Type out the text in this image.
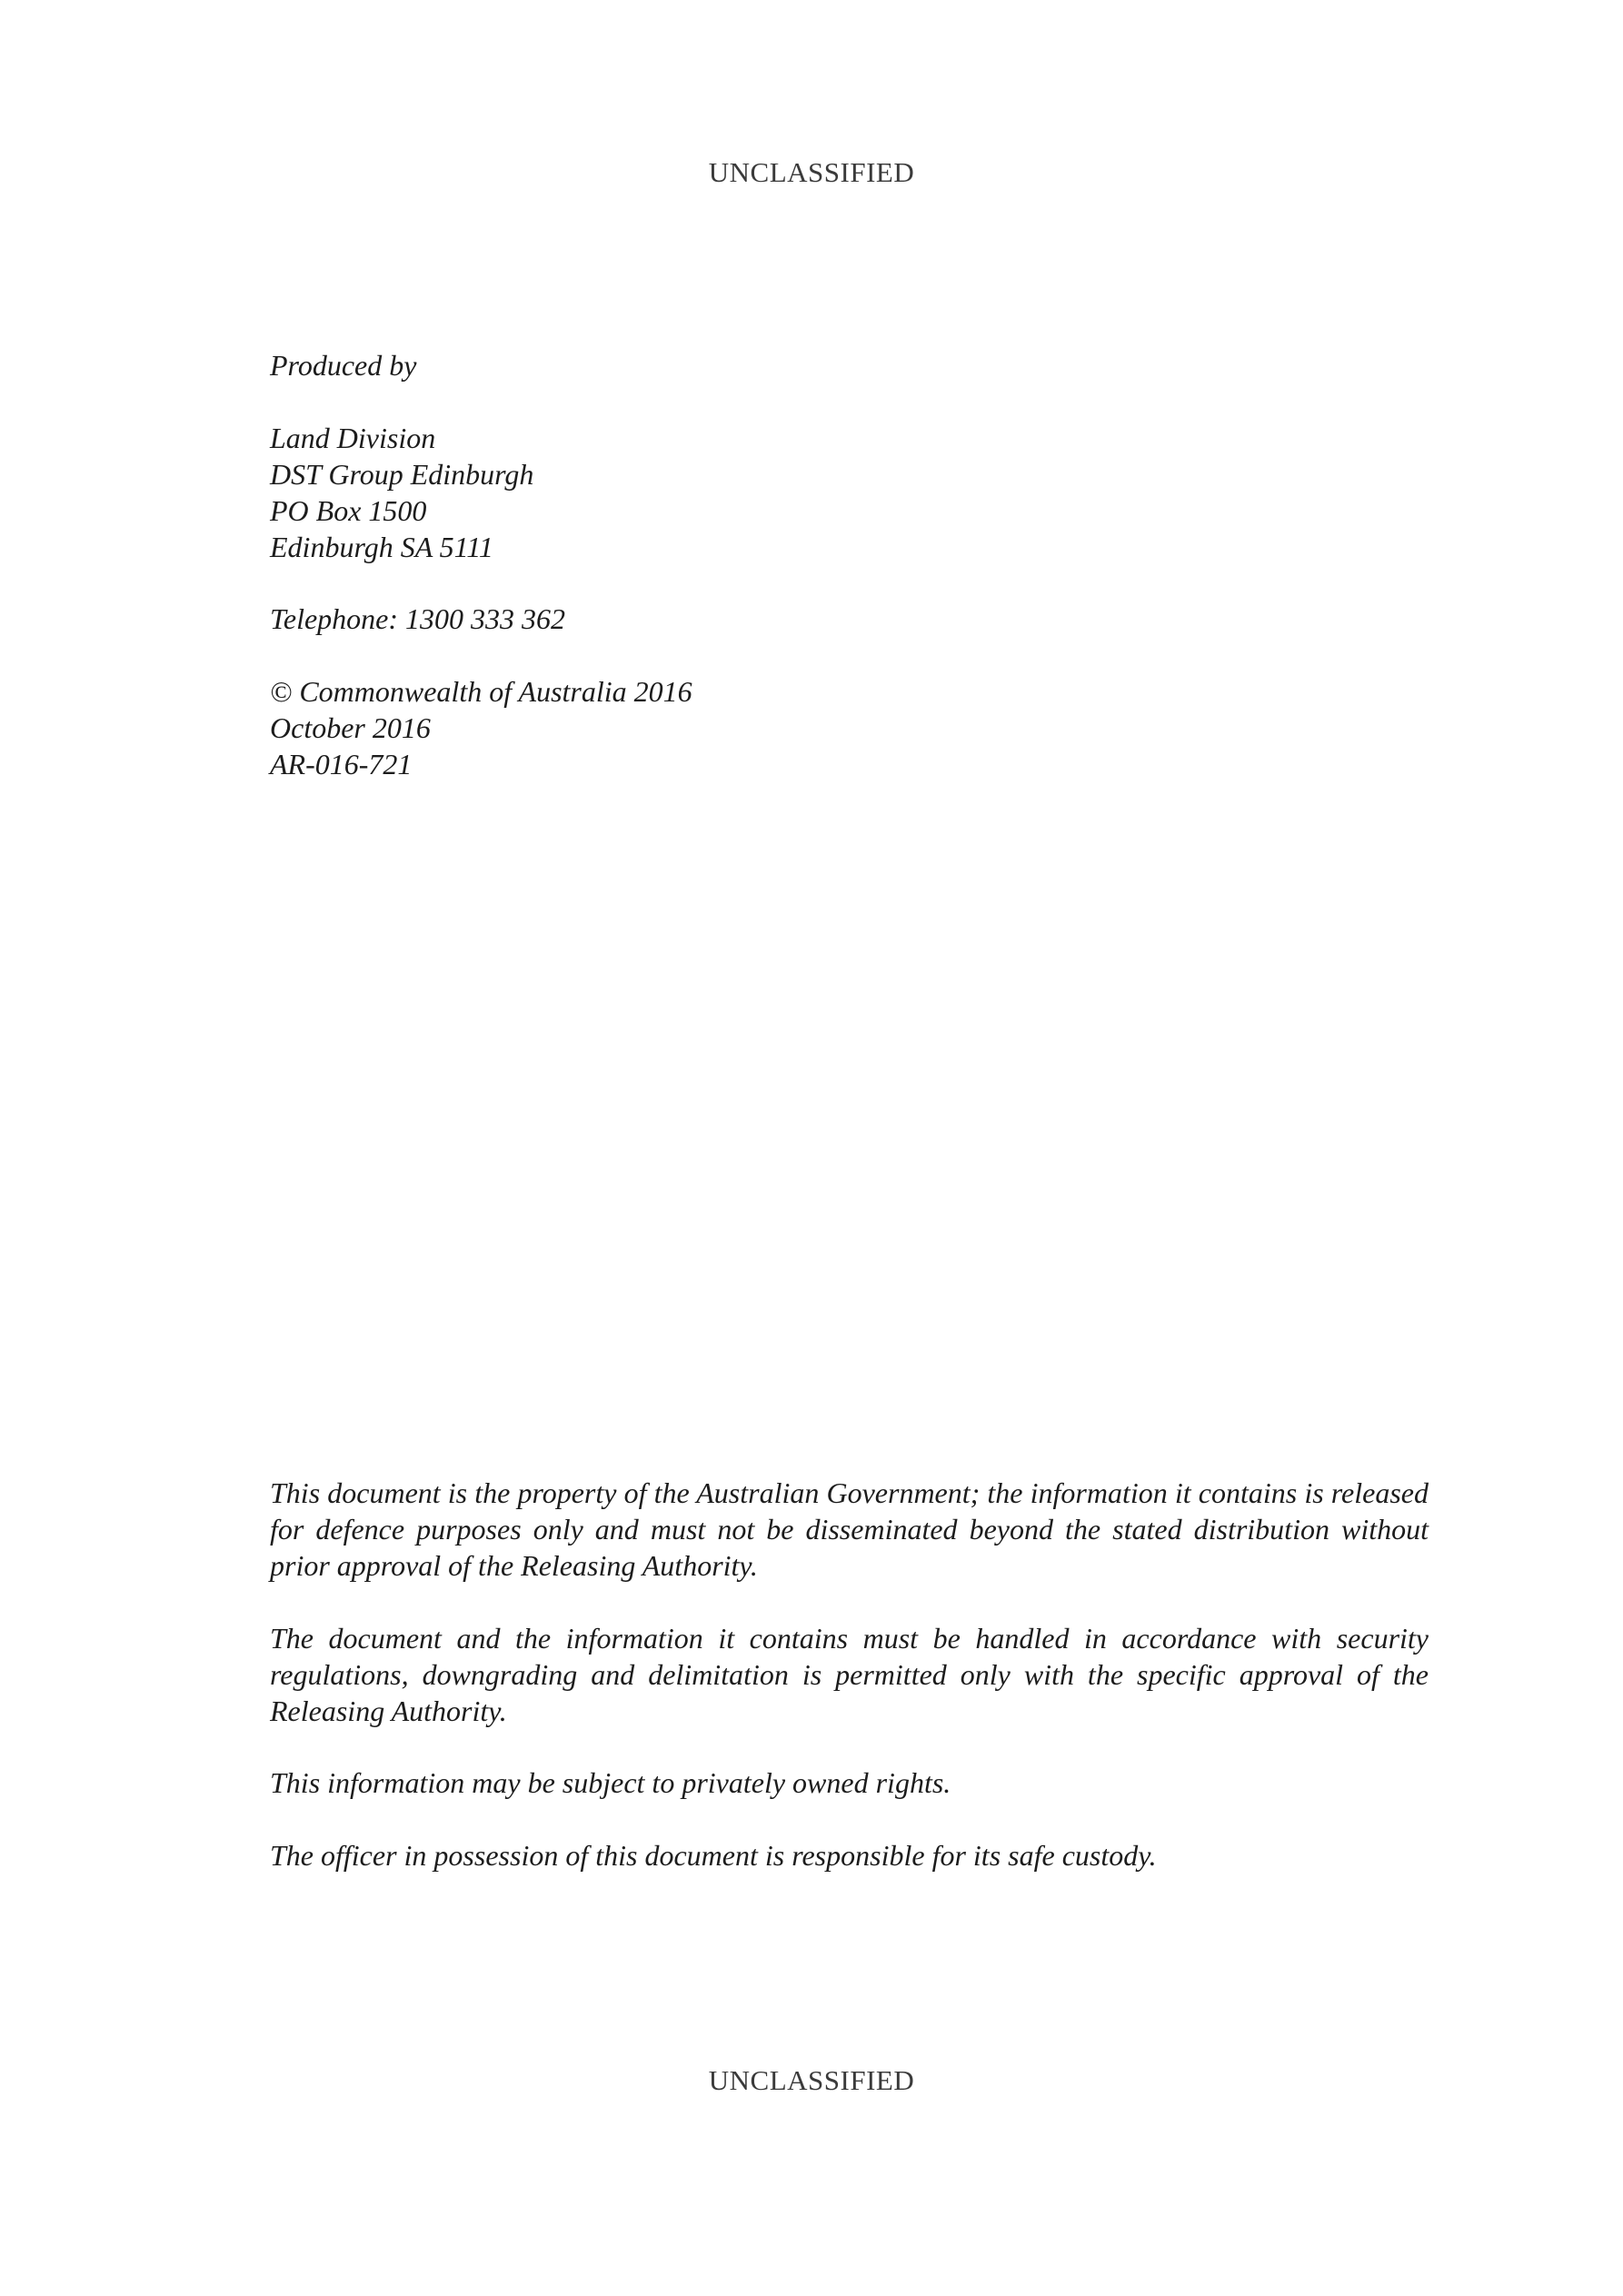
UNCLASSIFIED
Produced by
Land Division
DST Group Edinburgh
PO Box 1500
Edinburgh SA 5111
Telephone: 1300 333 362
© Commonwealth of Australia 2016
October 2016
AR-016-721

This document is the property of the Australian Government; the information it contains is released for defence purposes only and must not be disseminated beyond the stated distribution without prior approval of the Releasing Authority.

The document and the information it contains must be handled in accordance with security regulations, downgrading and delimitation is permitted only with the specific approval of the Releasing Authority.

This information may be subject to privately owned rights.

The officer in possession of this document is responsible for its safe custody.

UNCLASSIFIED
